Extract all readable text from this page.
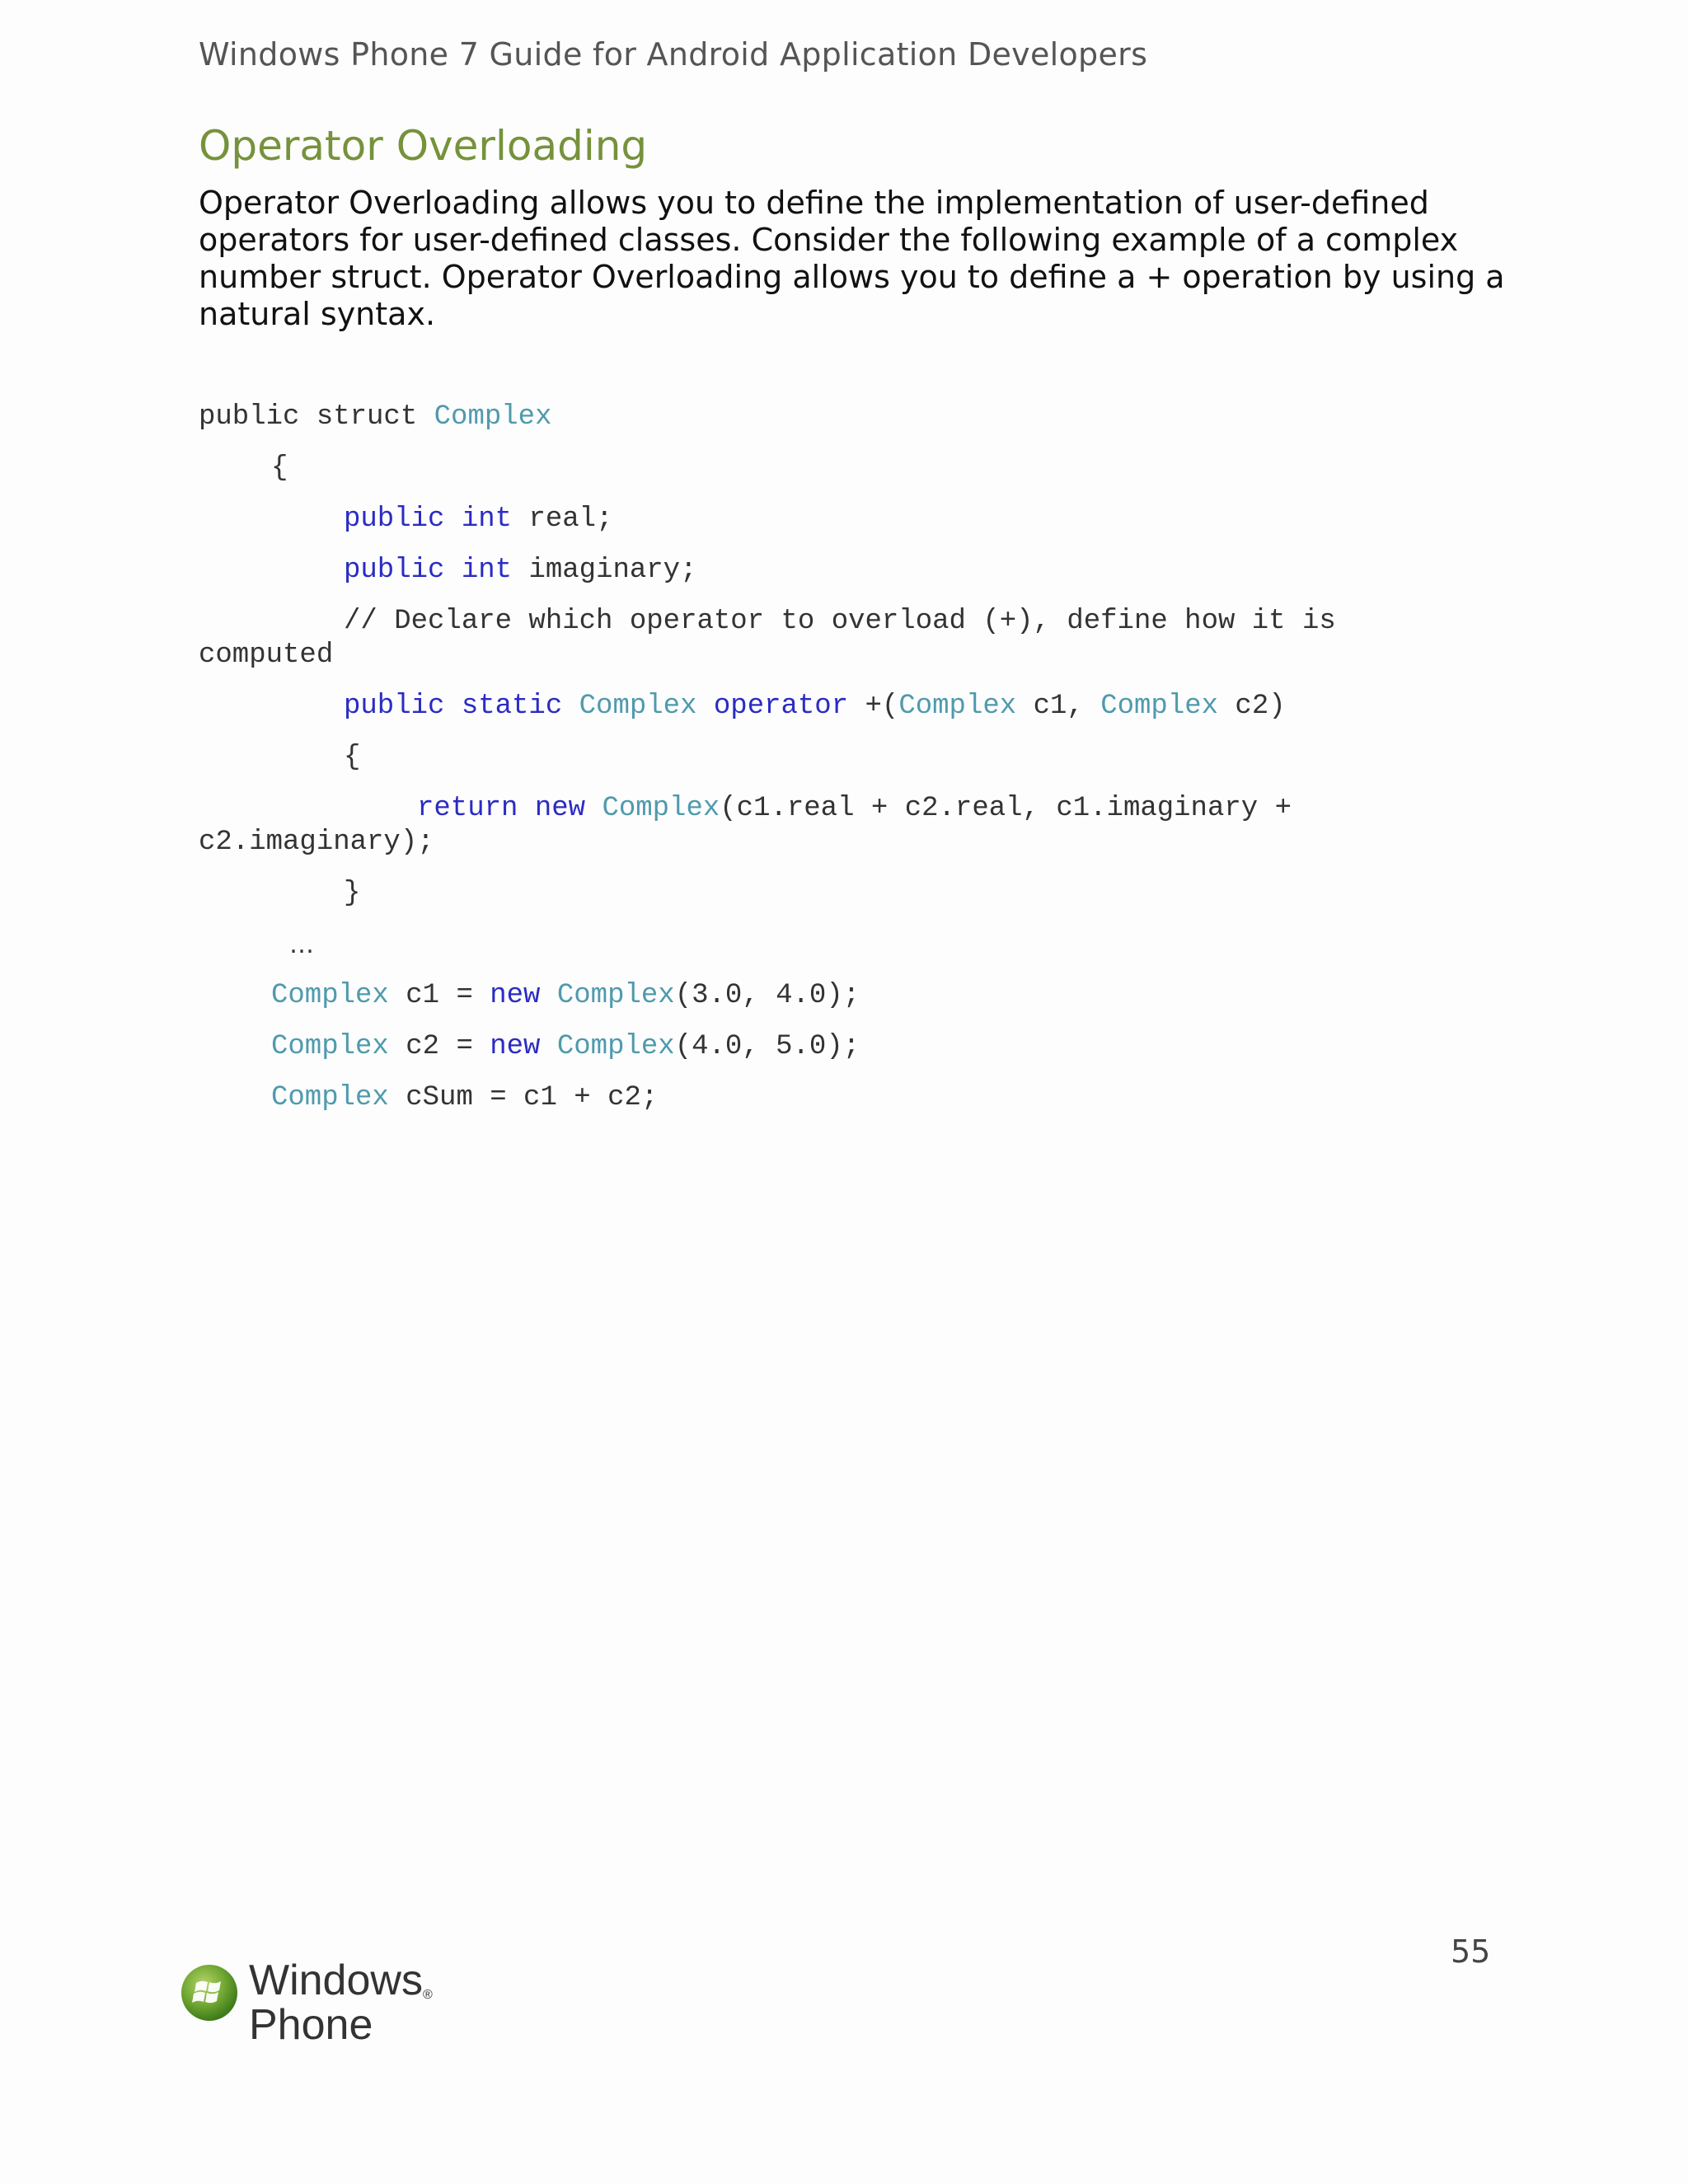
Windows Phone 7 Guide for Android Application Developers
Operator Overloading
Operator Overloading allows you to define the implementation of user-defined operators for user-defined classes. Consider the following example of a complex number struct. Operator Overloading allows you to define a + operation by using a natural syntax.
public struct Complex
{
public int real;
public int imaginary;
// Declare which operator to overload (+), define how it is
computed
public static Complex operator +(Complex c1, Complex c2)
{
return new Complex(c1.real + c2.real, c1.imaginary +
c2.imaginary);
}
…
Complex c1 = new Complex(3.0, 4.0);
Complex c2 = new Complex(4.0, 5.0);
Complex cSum = c1 + c2;
55
Windows®
Phone
